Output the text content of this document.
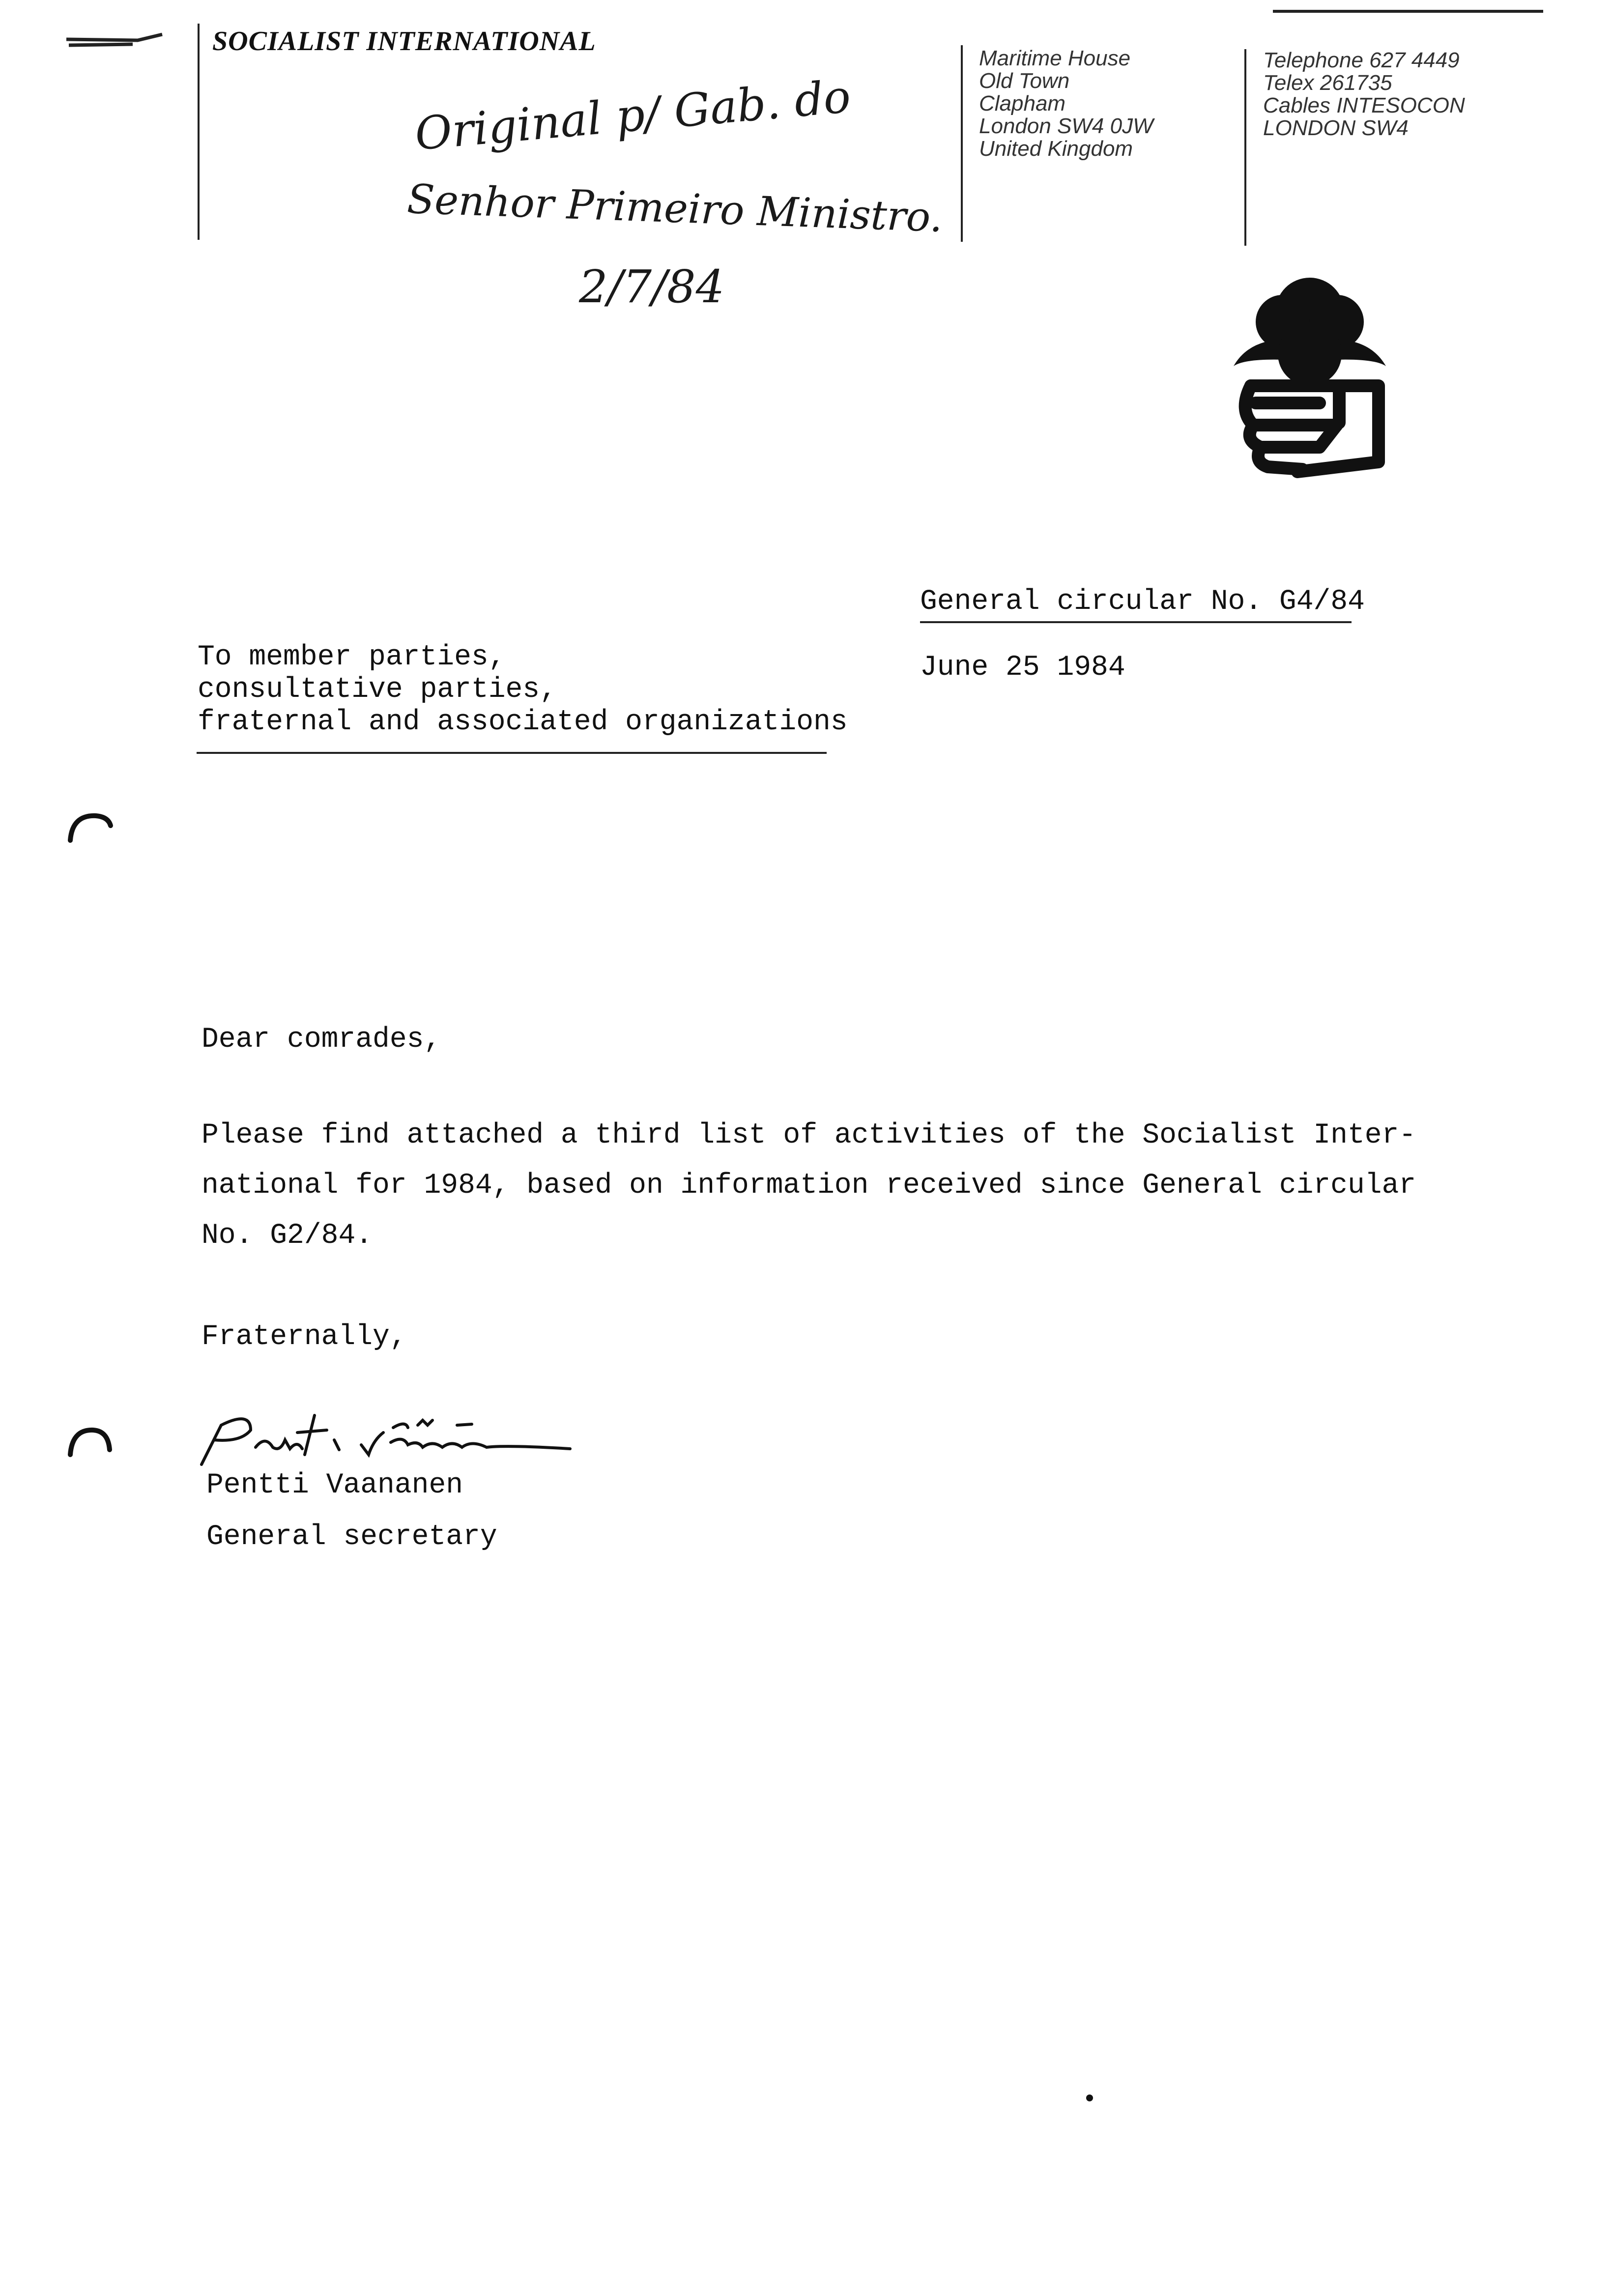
SOCIALIST INTERNATIONAL
Maritime House
Old Town
Clapham
London SW4 0JW
United Kingdom
Telephone 627 4449
Telex 261735
Cables INTESOCON
LONDON SW4
Original p/ Gab. do
Senhor Primeiro Ministro.
2/7/84
General circular No. G4/84
June 25 1984
To member parties,
consultative parties,
fraternal and associated organizations
Dear comrades,
Please find attached a third list of activities of the Socialist Inter-
national for 1984, based on information received since General circular
No. G2/84.
Fraternally,
Pentti Vaananen
General secretary
